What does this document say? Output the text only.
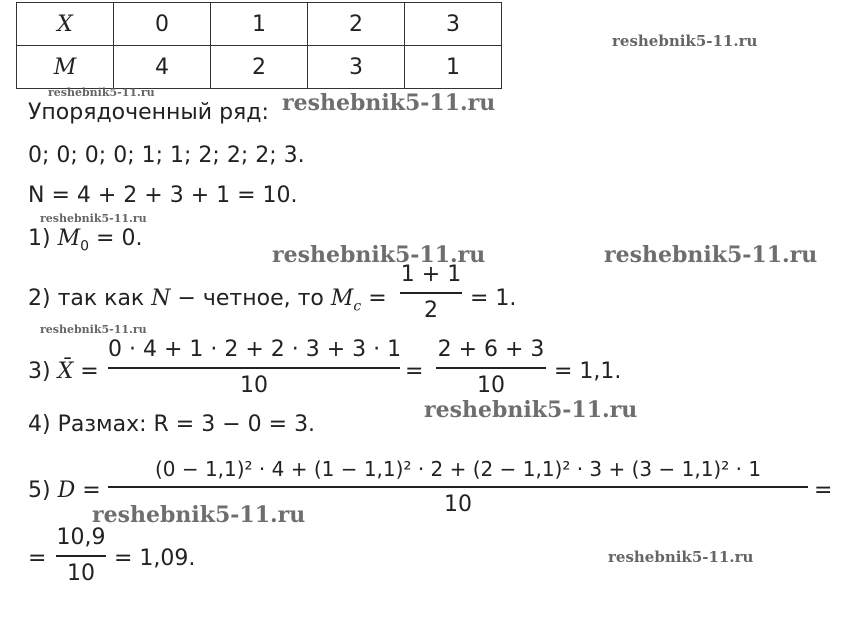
X	0	1	2	3
M	4	2	3	1
Упорядоченный ряд:
0; 0; 0; 0; 1; 1; 2; 2; 2; 3.
N = 4 + 2 + 3 + 1 = 10.
1) $M_0 = 0$.
2) так как N − четное, то $M_c$ =
1 + 1
2	= 1.
3) X̄ =
0 · 4 + 1 · 2 + 2 · 3 + 3 · 1
10
=
2 + 6 + 3
10
= 1,1.
4) Размах: R = 3 − 0 = 3.
5) D =
(0 − 1,1)² · 4 + (1 − 1,1)² · 2 + (2 − 1,1)² · 3 + (3 − 1,1)² · 1
10
=
=
10,9
10
= 1,09.
reshebnik5-11.ru
reshebnik5-11.ru	reshebnik5-11.ru
reshebnik5-11.ru
reshebnik5-11.ru	reshebnik5-11.ru
reshebnik5-11.ru
reshebnik5-11.ru
reshebnik5-11.ru
reshebnik5-11.ru
